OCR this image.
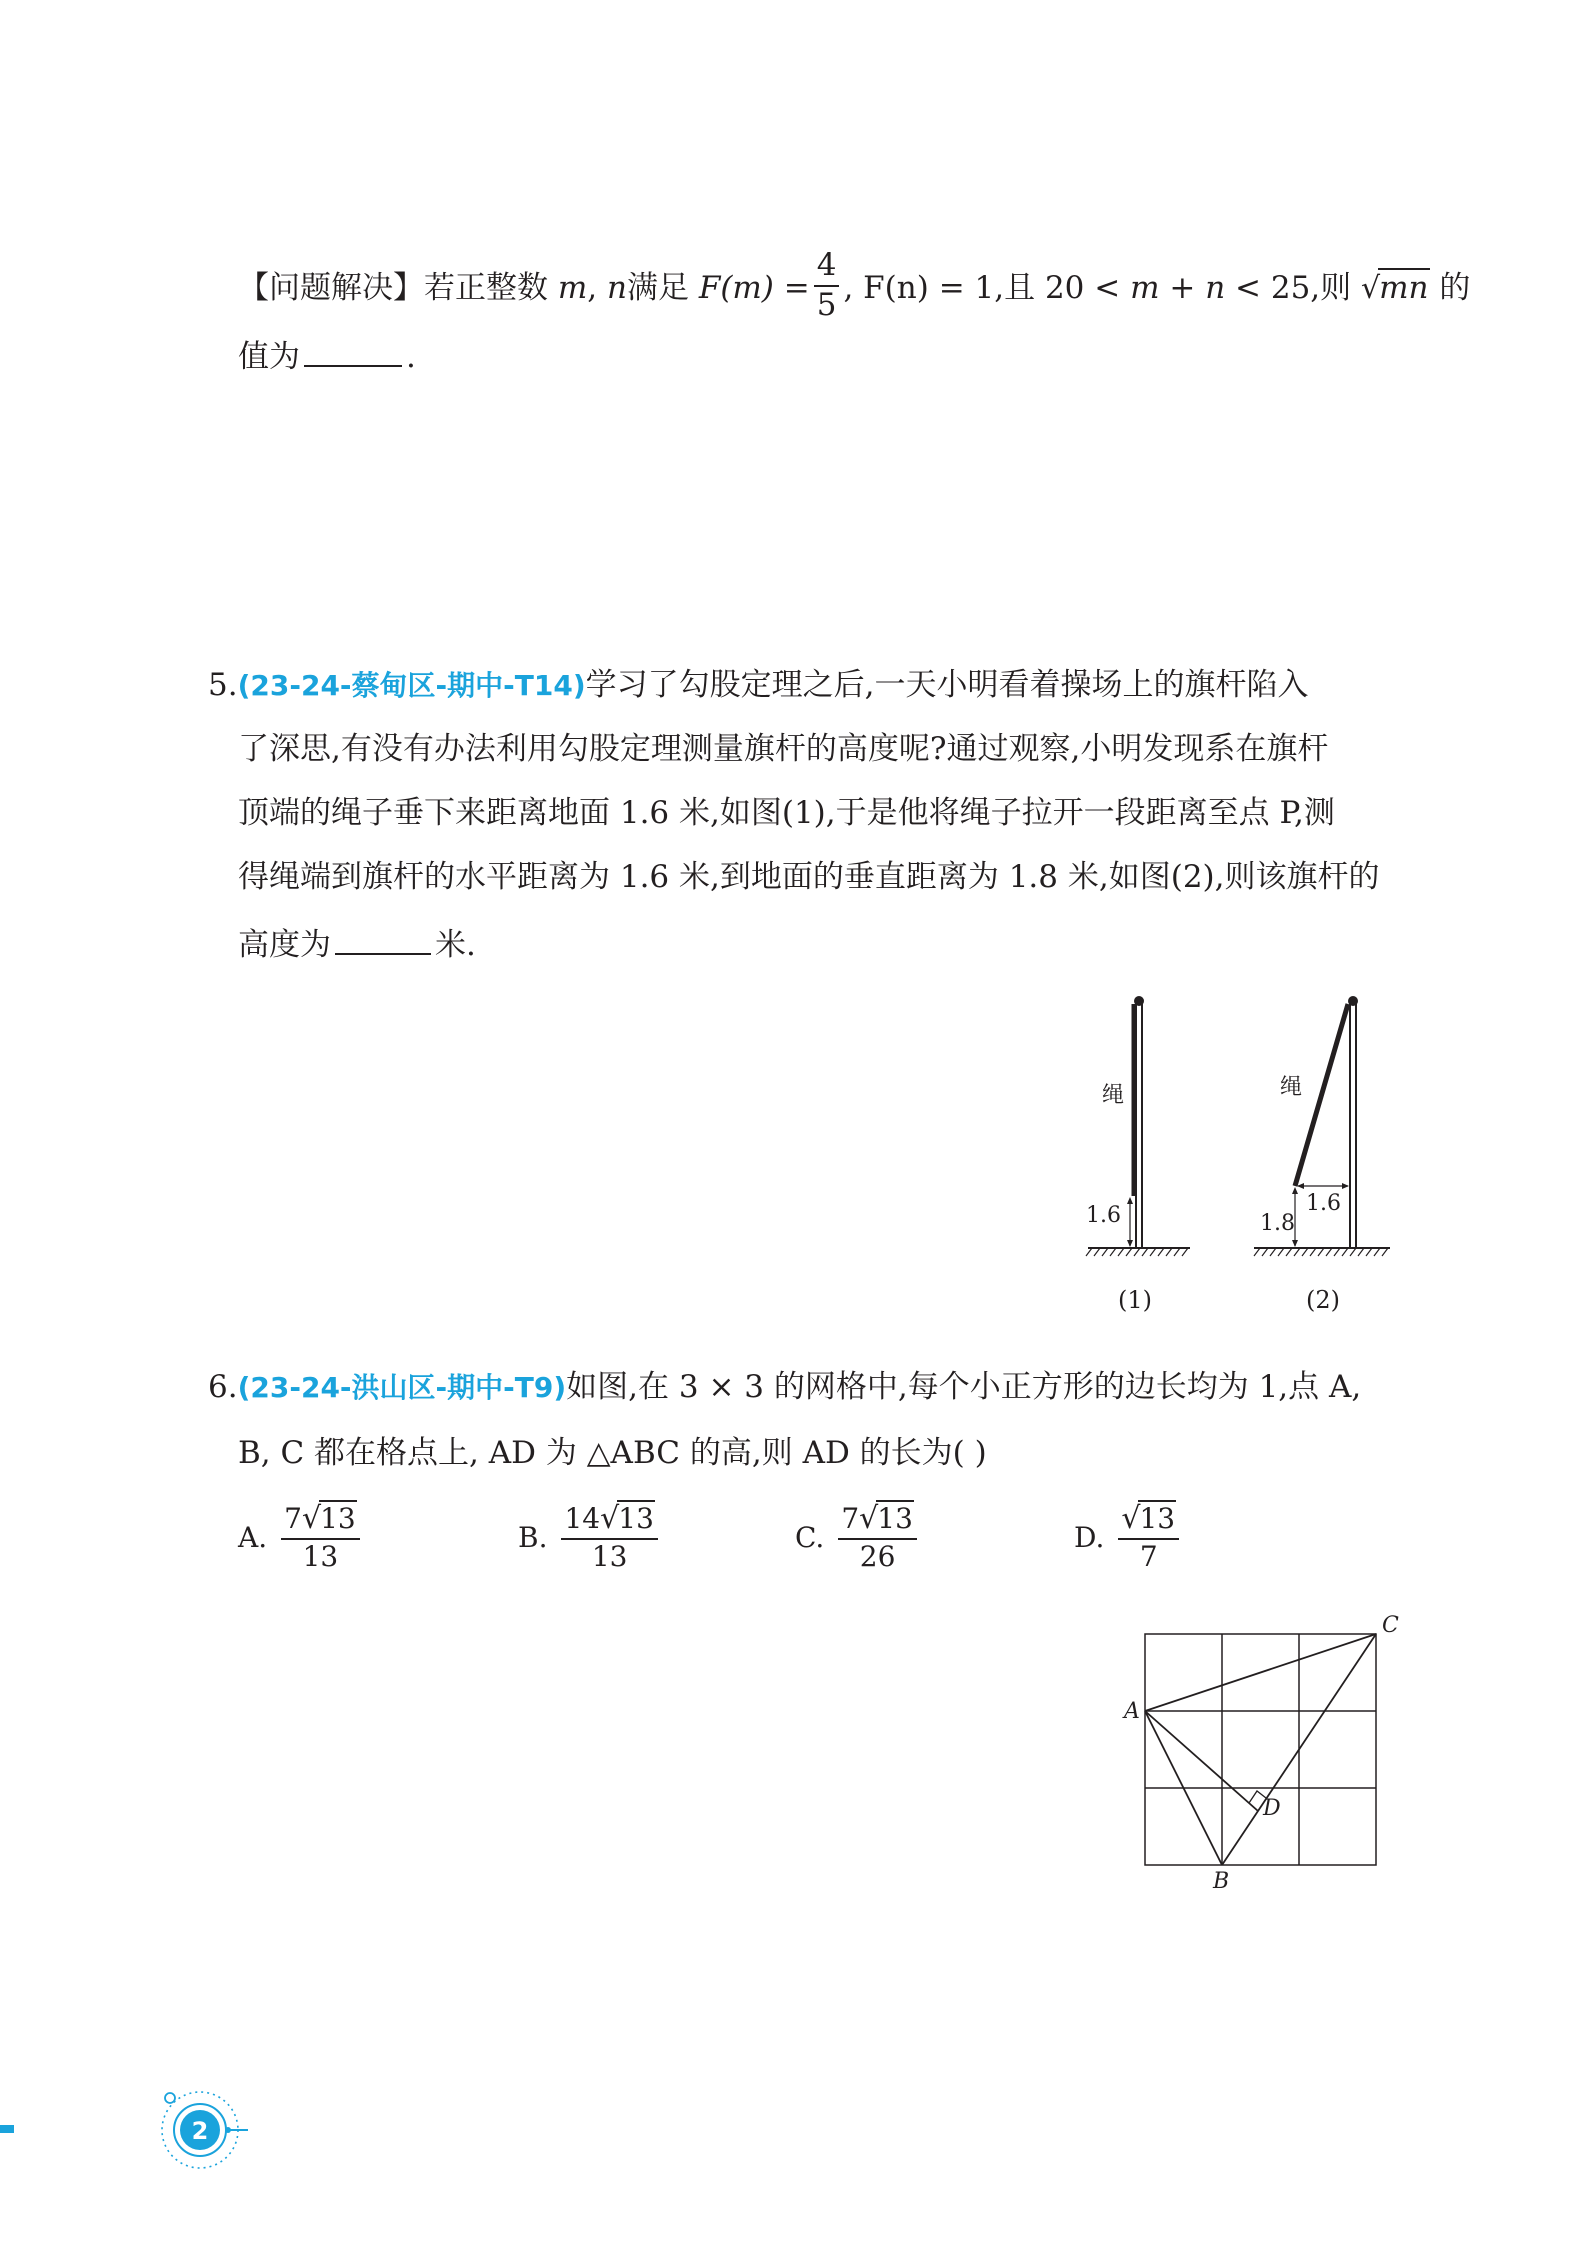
【问题解决】若正整数 m, n满足 $F(m) = \frac{4}{5}$ , F(n) = 1,且 20 < m + n < 25,则 √mn 的
值为	.
5.(23-24-蔡甸区-期中-T14)学习了勾股定理之后,一天小明看着操场上的旗杆陷入
了深思,有没有办法利用勾股定理测量旗杆的高度呢?通过观察,小明发现系在旗杆
顶端的绳子垂下来距离地面 1.6 米,如图(1),于是他将绳子拉开一段距离至点 P,测
得绳端到旗杆的水平距离为 1.6 米,到地面的垂直距离为 1.8 米,如图(2),则该旗杆的
高度为	米.
绳
1.6
(1)
绳
1.6
1.8
(2)
6.(23-24-洪山区-期中-T9)如图,在 3 × 3 的网格中,每个小正方形的边长均为 1,点 A,
B, C 都在格点上, AD 为 △ABC 的高,则 AD 的长为( )
A. $\frac{7√13}{13}$	B. $\frac{14√13}{13}$	C. $\frac{7√13}{26}$	D. $\frac{√13}{7}$
C
A
B
D
2
